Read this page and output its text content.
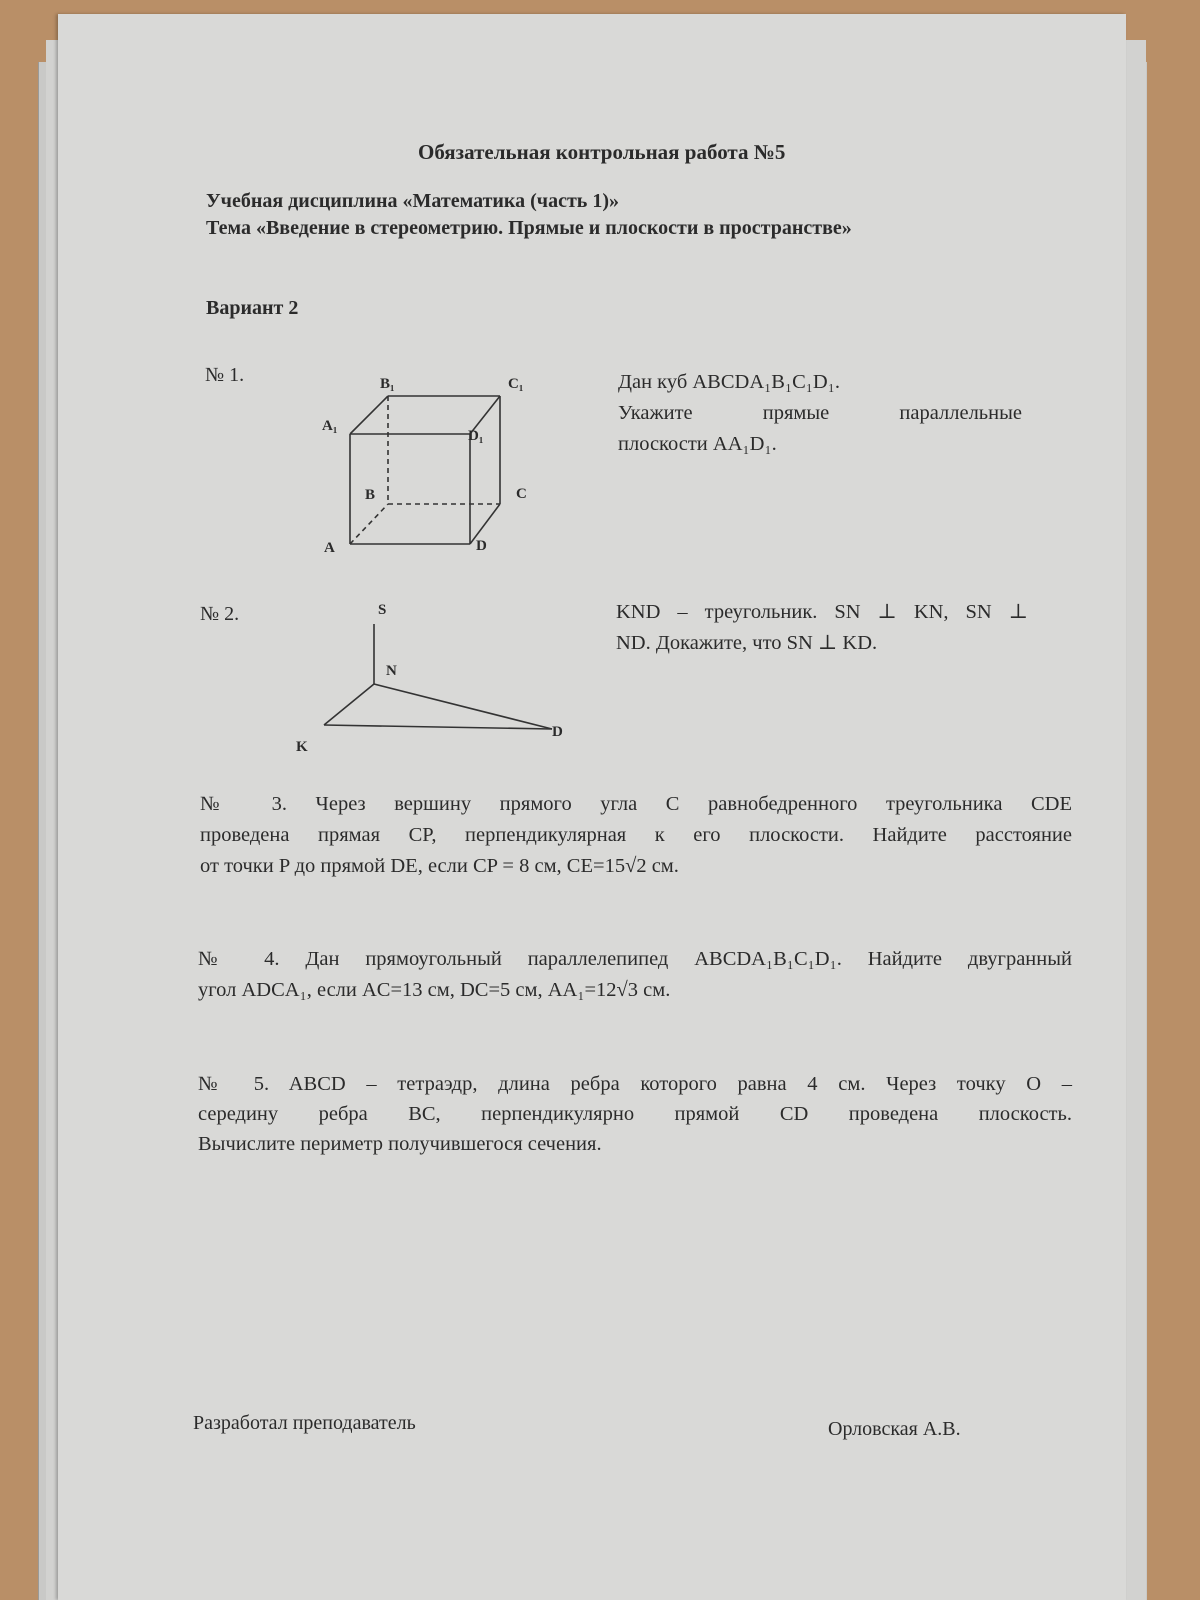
Обязательная контрольная работа №5
Учебная дисциплина «Математика (часть 1)»
Тема «Введение в стереометрию. Прямые и плоскости в пространстве»
Вариант 2
№ 1.	B₁	C₁
A₁
D₁
B	C
A	D
Дан куб ABCDA₁B₁C₁D₁.
Укажите прямые параллельные
плоскости AA₁D₁.
№ 2.	S
N
K
D
KND – треугольник. SN ⊥ KN, SN ⊥
ND. Докажите, что SN ⊥ KD.
№ 3. Через вершину прямого угла C равнобедренного треугольника CDE
проведена прямая CP, перпендикулярная к его плоскости. Найдите расстояние
от точки P до прямой DE, если CP = 8 см, CE=15√2 см.
№ 4. Дан прямоугольный параллелепипед ABCDA₁B₁C₁D₁. Найдите двугранный
угол ADCA₁, если AC=13 см, DC=5 см, AA₁=12√3 см.
№ 5. ABCD – тетраэдр, длина ребра которого равна 4 см. Через точку O –
середину ребра BC, перпендикулярно прямой CD проведена плоскость.
Вычислите периметр получившегося сечения.
Разработал преподаватель	Орловская А.В.
